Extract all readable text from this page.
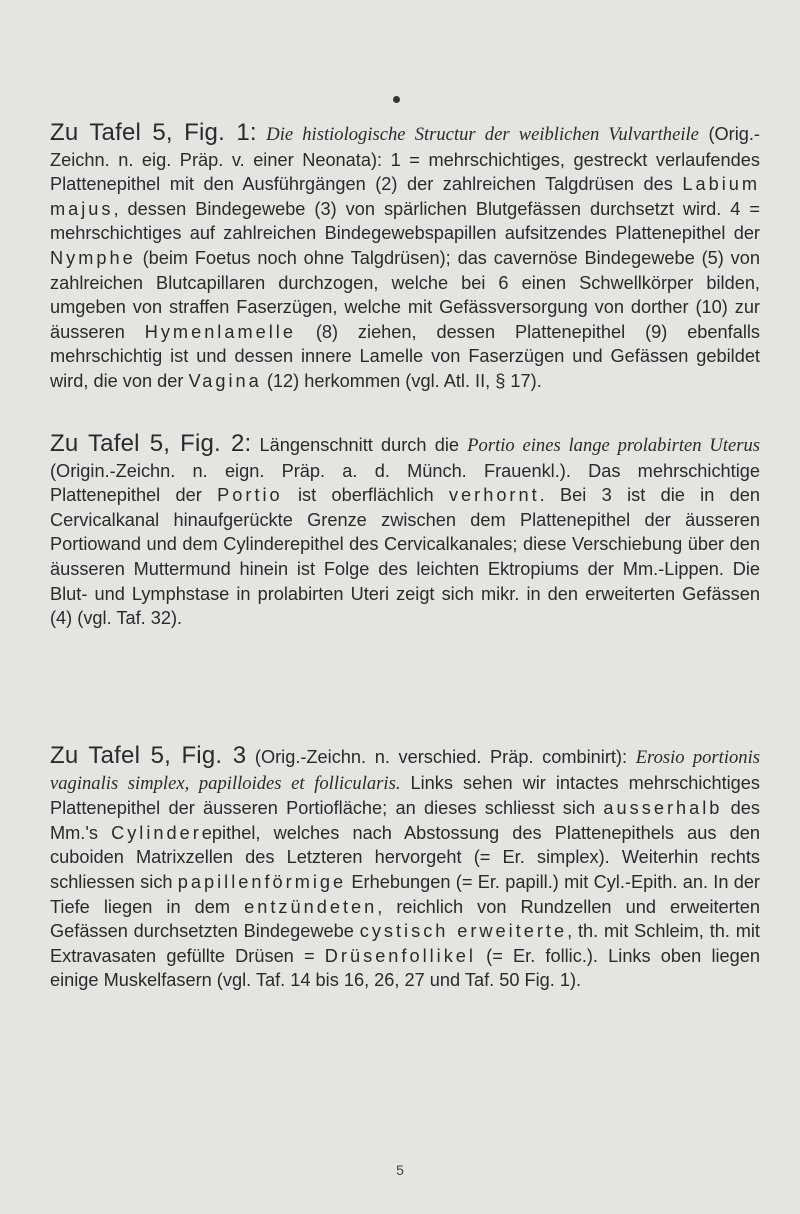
Zu Tafel 5, Fig. 1: Die histiologische Structur der weiblichen Vulvartheile (Orig.-Zeichn. n. eig. Präp. v. einer Neonata): 1 = mehrschichtiges, gestreckt verlaufendes Plattenepithel mit den Ausführgängen (2) der zahlreichen Talgdrüsen des Labium majus, dessen Bindegewebe (3) von spärlichen Blutgefässen durchsetzt wird. 4 = mehrschichtiges auf zahlreichen Bindegewebspapillen aufsitzendes Plattenepithel der Nymphe (beim Foetus noch ohne Talgdrüsen); das cavernöse Bindegewebe (5) von zahlreichen Blutcapillaren durchzogen, welche bei 6 einen Schwellkörper bilden, umgeben von straffen Faserzügen, welche mit Gefässversorgung von dorther (10) zur äusseren Hymenlamelle (8) ziehen, dessen Plattenepithel (9) ebenfalls mehrschichtig ist und dessen innere Lamelle von Faserzügen und Gefässen gebildet wird, die von der Vagina (12) herkommen (vgl. Atl. II, § 17).
Zu Tafel 5, Fig. 2: Längenschnitt durch die Portio eines lange prolabirten Uterus (Origin.-Zeichn. n. eign. Präp. a. d. Münch. Frauenkl.). Das mehrschichtige Plattenepithel der Portio ist oberflächlich verhornt. Bei 3 ist die in den Cervicalkanal hinaufgerückte Grenze zwischen dem Plattenepithel der äusseren Portiowand und dem Cylinderepithel des Cervicalkanales; diese Verschiebung über den äusseren Muttermund hinein ist Folge des leichten Ektropiums der Mm.-Lippen. Die Blut- und Lymphstase in prolabirten Uteri zeigt sich mikr. in den erweiterten Gefässen (4) (vgl. Taf. 32).
Zu Tafel 5, Fig. 3 (Orig.-Zeichn. n. verschied. Präp. combinirt): Erosio portionis vaginalis simplex, papilloides et follicularis. Links sehen wir intactes mehrschichtiges Plattenepithel der äusseren Portiofläche; an dieses schliesst sich ausserhalb des Mm.'s Cylinderepithel, welches nach Abstossung des Plattenepithels aus den cuboiden Matrixzellen des Letzteren hervorgeht (= Er. simplex). Weiterhin rechts schliessen sich papillenförmige Erhebungen (= Er. papill.) mit Cyl.-Epith. an. In der Tiefe liegen in dem entzündeten, reichlich von Rundzellen und erweiterten Gefässen durchsetzten Bindegewebe cystisch erweiterte, th. mit Schleim, th. mit Extravasaten gefüllte Drüsen = Drüsenfollikel (= Er. follic.). Links oben liegen einige Muskelfasern (vgl. Taf. 14 bis 16, 26, 27 und Taf. 50 Fig. 1).
5
